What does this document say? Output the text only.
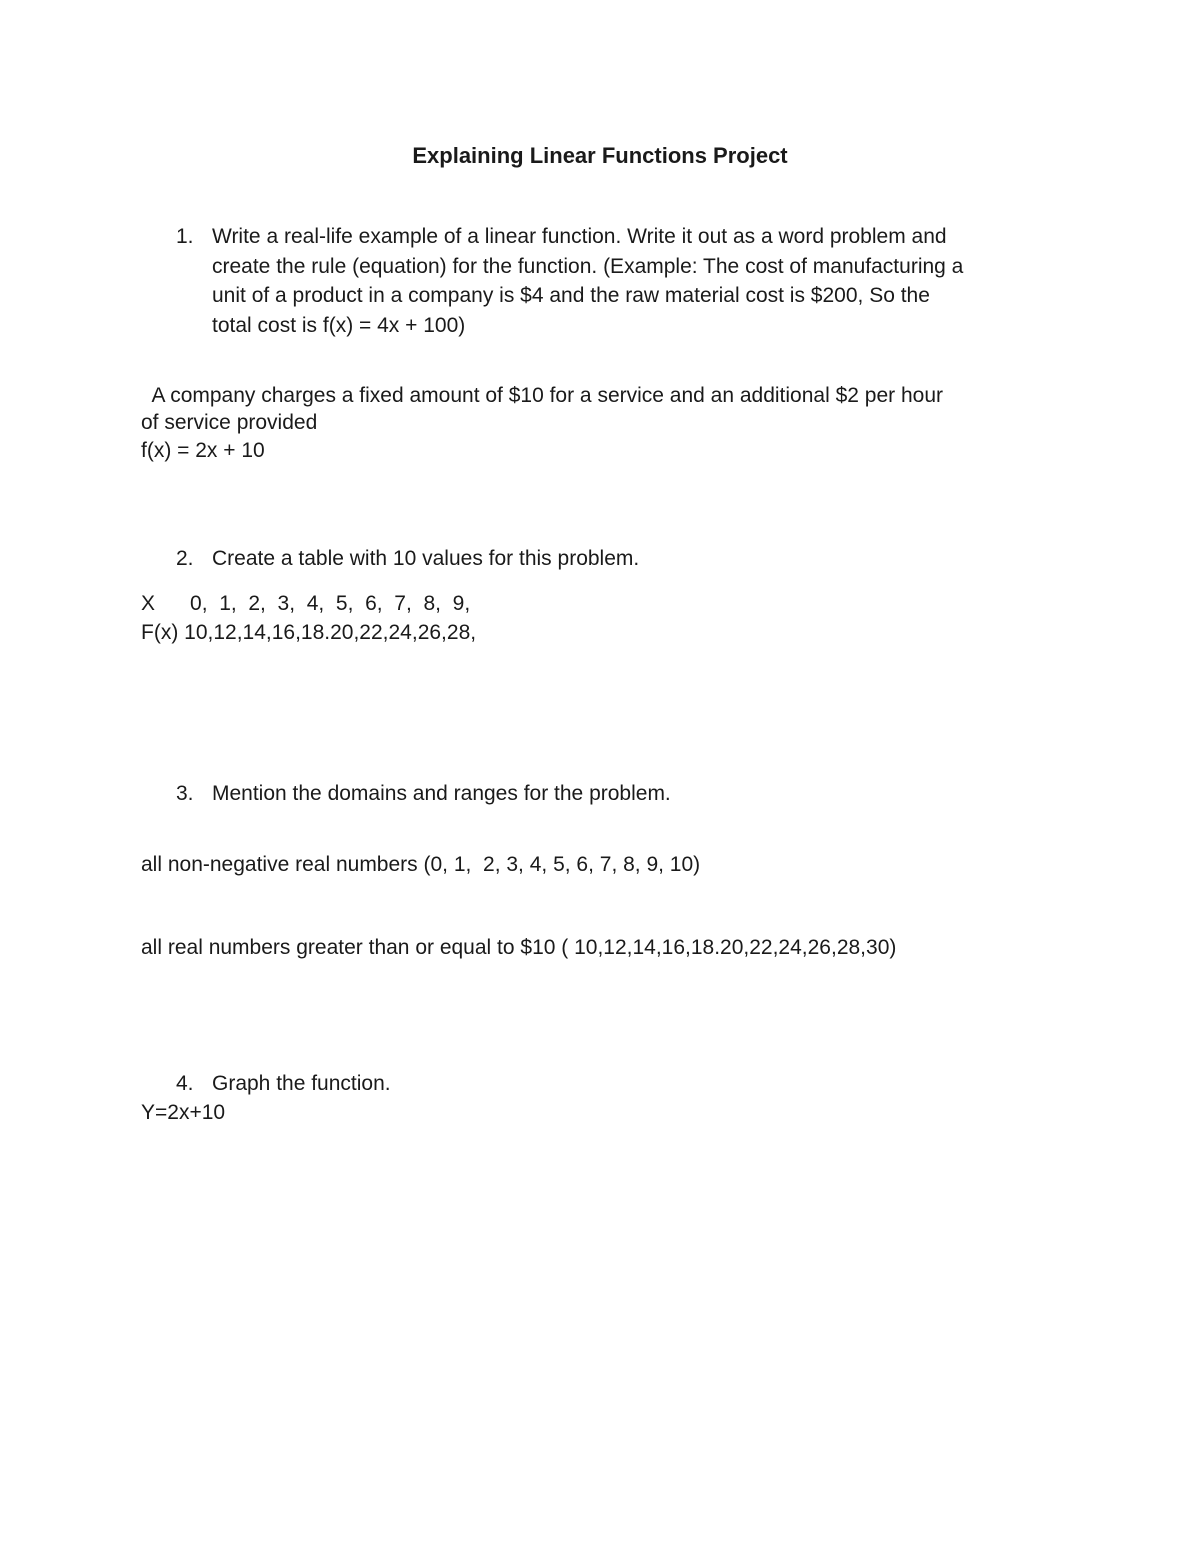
Explaining Linear Functions Project
1. Write a real-life example of a linear function. Write it out as a word problem and
create the rule (equation) for the function. (Example: The cost of manufacturing a
unit of a product in a company is $4 and the raw material cost is $200, So the
total cost is f(x) = 4x + 100)
A company charges a fixed amount of $10 for a service and an additional $2 per hour
of service provided
f(x) = 2x + 10
2. Create a table with 10 values for this problem.
X      0,  1,  2,  3,  4,  5,  6,  7,  8,  9,
F(x) 10,12,14,16,18.20,22,24,26,28,
3. Mention the domains and ranges for the problem.
all non-negative real numbers (0, 1,  2, 3, 4, 5, 6, 7, 8, 9, 10)
all real numbers greater than or equal to $10 ( 10,12,14,16,18.20,22,24,26,28,30)
4. Graph the function.
Y=2x+10
